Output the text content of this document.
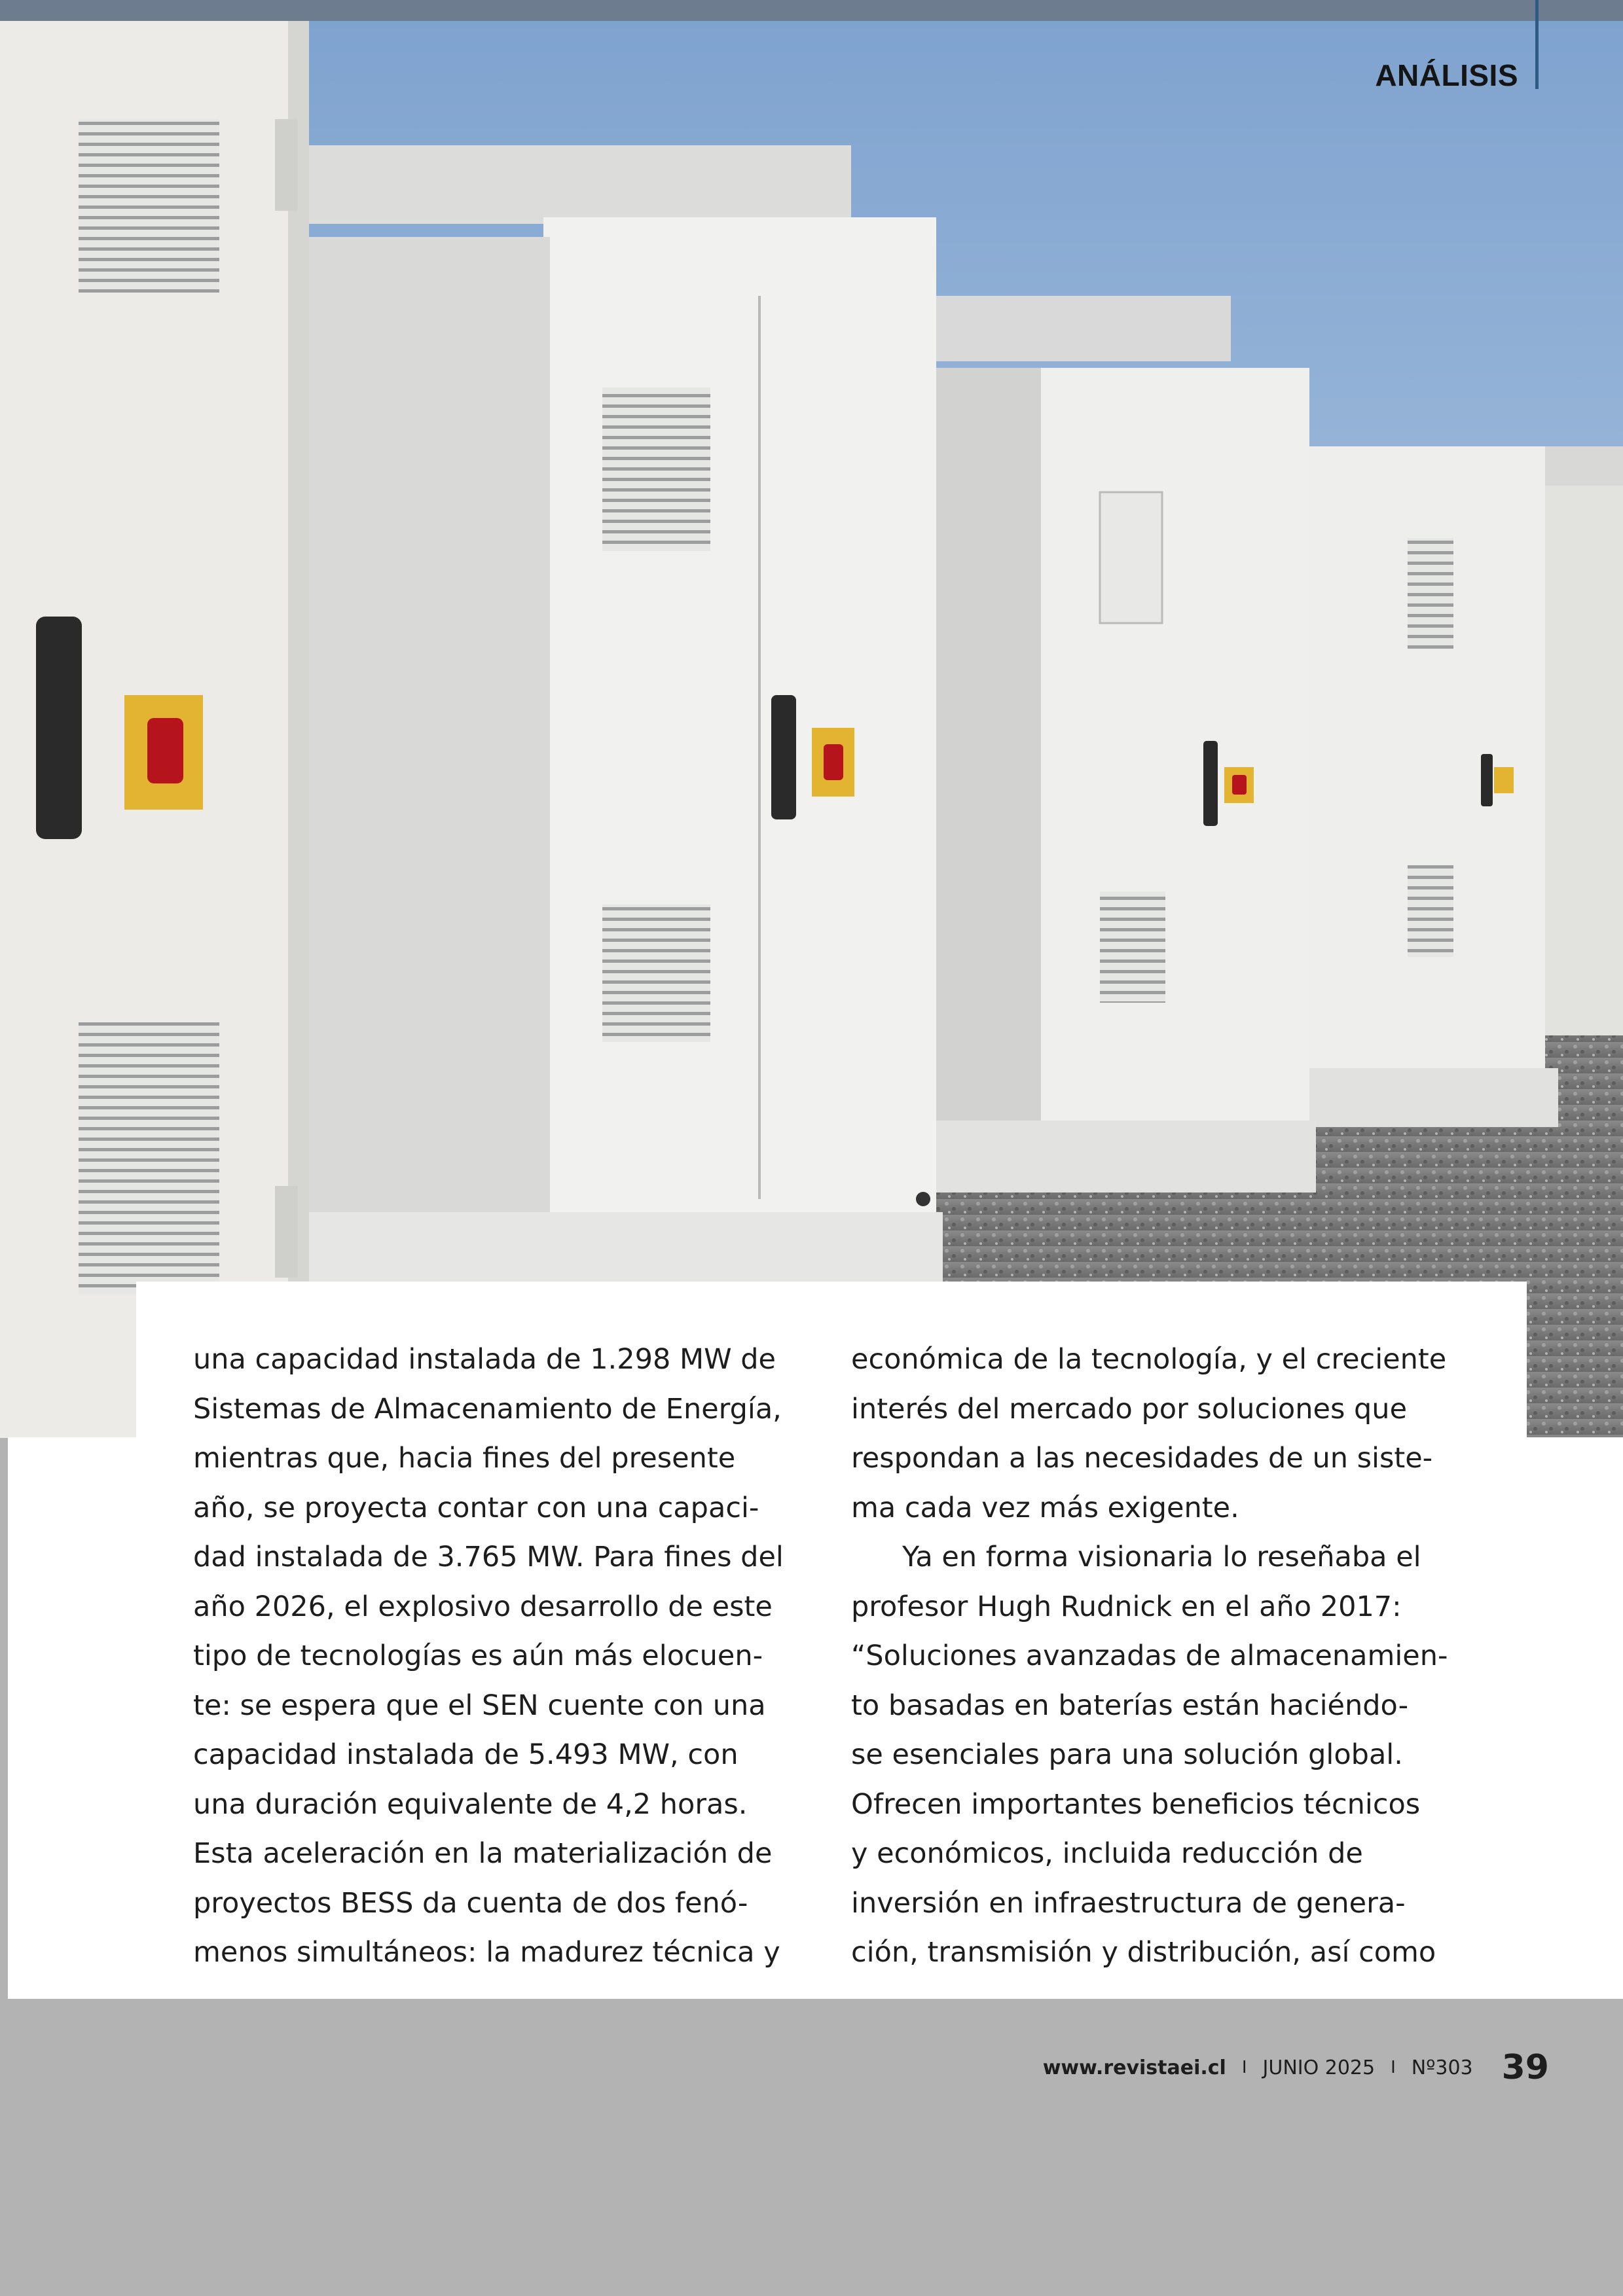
ANÁLISIS
una capacidad instalada de 1.298 MW de
Sistemas de Almacenamiento de Energía,
mientras que, hacia fines del presente
año, se proyecta contar con una capaci-
dad instalada de 3.765 MW. Para fines del
año 2026, el explosivo desarrollo de este
tipo de tecnologías es aún más elocuen-
te: se espera que el SEN cuente con una
capacidad instalada de 5.493 MW, con
una duración equivalente de 4,2 horas.
Esta aceleración en la materialización de
proyectos BESS da cuenta de dos fenó-
menos simultáneos: la madurez técnica y
económica de la tecnología, y el creciente
interés del mercado por soluciones que
respondan a las necesidades de un siste-
ma cada vez más exigente.
Ya en forma visionaria lo reseñaba el
profesor Hugh Rudnick en el año 2017:
“Soluciones avanzadas de almacenamien-
to basadas en baterías están haciéndo-
se esenciales para una solución global.
Ofrecen importantes beneficios técnicos
y económicos, incluida reducción de
inversión en infraestructura de genera-
ción, transmisión y distribución, así como
www.revistaei.cl I JUNIO 2025 I Nº303 39
